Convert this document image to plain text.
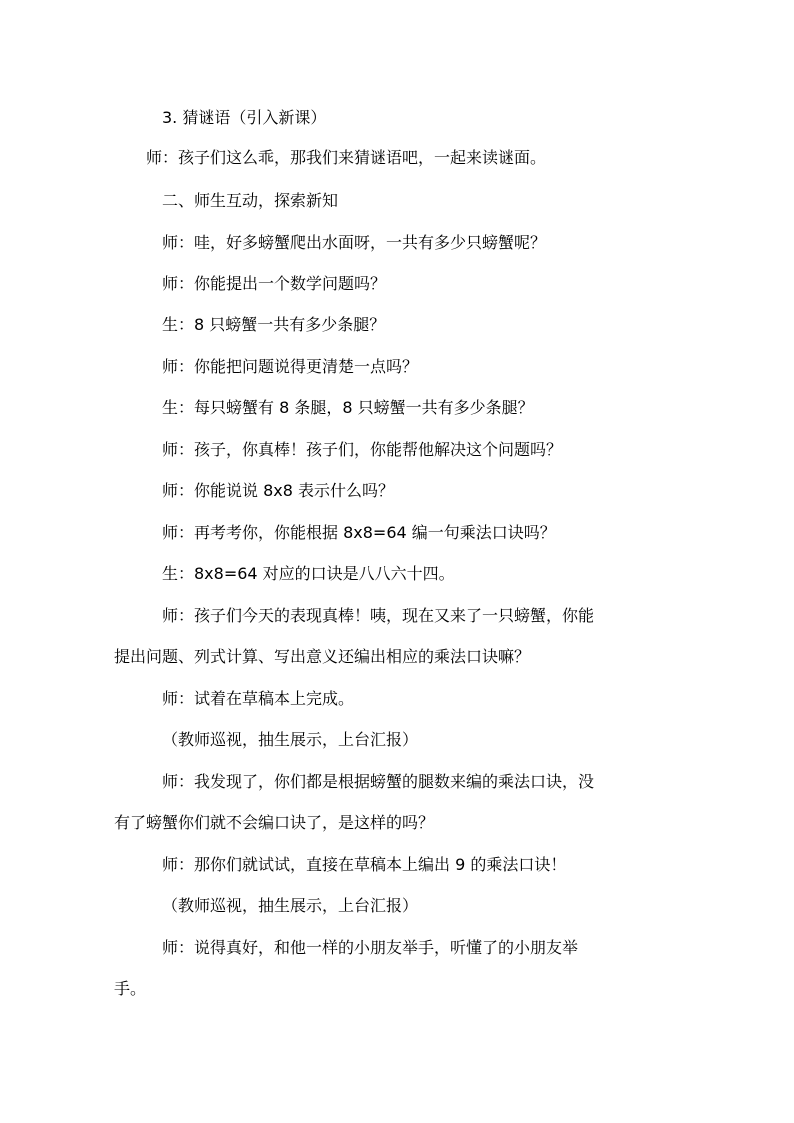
3. 猜谜语（引入新课）
师：孩子们这么乖，那我们来猜谜语吧，一起来读谜面。
二、师生互动，探索新知
师：哇，好多螃蟹爬出水面呀，一共有多少只螃蟹呢？
师：你能提出一个数学问题吗？
生：8 只螃蟹一共有多少条腿？
师：你能把问题说得更清楚一点吗？
生：每只螃蟹有 8 条腿，8 只螃蟹一共有多少条腿？
师：孩子，你真棒！孩子们，你能帮他解决这个问题吗？
师：你能说说 8x8 表示什么吗？
师：再考考你，你能根据 8x8=64 编一句乘法口诀吗？
生：8x8=64 对应的口诀是八八六十四。
师：孩子们今天的表现真棒！咦，现在又来了一只螃蟹，你能
提出问题、列式计算、写出意义还编出相应的乘法口诀嘛？
师：试着在草稿本上完成。
（教师巡视，抽生展示，上台汇报）
师：我发现了，你们都是根据螃蟹的腿数来编的乘法口诀，没
有了螃蟹你们就不会编口诀了，是这样的吗？
师：那你们就试试，直接在草稿本上编出 9 的乘法口诀！
（教师巡视，抽生展示，上台汇报）
师：说得真好，和他一样的小朋友举手，听懂了的小朋友举
手。
